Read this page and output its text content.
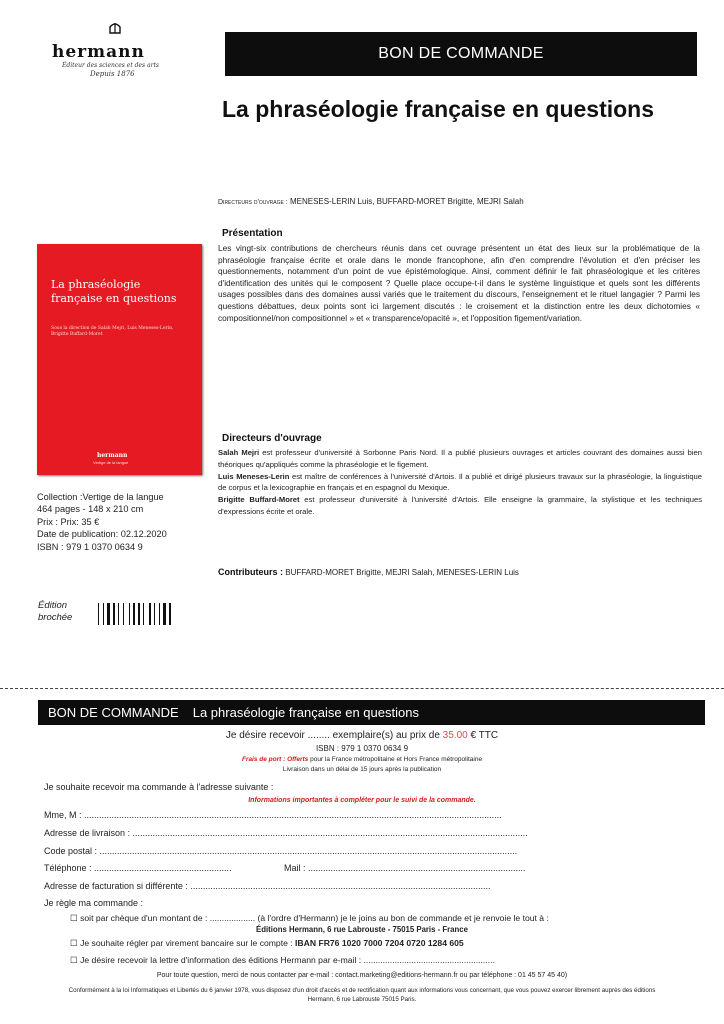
hermann
Éditeur des sciences et des arts
Depuis 1876
BON DE COMMANDE
La phraséologie française en questions
Directeurs d'ouvrage : MENESES-LERIN Luis, BUFFARD-MORET Brigitte, MEJRI Salah
Présentation
Les vingt-six contributions de chercheurs réunis dans cet ouvrage présentent un état des lieux sur la problématique de la phraséologie française écrite et orale dans le monde francophone, afin d'en comprendre l'évolution et d'en préciser les questionnements, notamment d'un point de vue épistémologique. Ainsi, comment définir le fait phraséologique et les critères d'identification des unités qui le composent ? Quelle place occupe-t-il dans le système linguistique et quels sont les différents usages possibles dans des domaines aussi variés que le traitement du discours, l'enseignement et le rituel langagier ? Parmi les questions débattues, deux points sont ici largement discutés : le croisement et la distinction entre les deux dichotomies « compositionnel/non compositionnel » et « transparence/opacité », et l'opposition figement/variation.
La phraséologie française en questions
Sous la direction de Salah Mejri, Luis Meneses-Lerin, Brigitte Buffard-Moret
hermann
Vertige de la langue
Directeurs d'ouvrage
Salah Mejri est professeur d'université à Sorbonne Paris Nord. Il a publié plusieurs ouvrages et articles couvrant des domaines aussi bien théoriques qu'appliqués comme la phraséologie et le figement.
Luis Meneses-Lerin est maître de conférences à l'université d'Artois. Il a publié et dirigé plusieurs travaux sur la phraséologie, la linguistique de corpus et la lexicographie en français et en espagnol du Mexique.
Brigitte Buffard-Moret est professeur d'université à l'université d'Artois. Elle enseigne la grammaire, la stylistique et les techniques d'expressions écrite et orale.
Collection :Vertige de la langue
464 pages - 148 x 210 cm
Prix : Prix: 35 €
Date de publication: 02.12.2020
ISBN : 979 1 0370 0634 9
Contributeurs : BUFFARD-MORET Brigitte, MEJRI Salah, MENESES-LERIN Luis
Édition
brochée
BON DE COMMANDE La phraséologie française en questions
Je désire recevoir ........ exemplaire(s) au prix de 35.00 € TTC
ISBN : 979 1 0370 0634 9
Frais de port : Offerts pour la France métropolitaine et Hors France métropolitaine
Livraison dans un délai de 15 jours après la publication
Je souhaite recevoir ma commande à l'adresse suivante :
Informations importantes à compléter pour le suivi de la commande.
Mme, M : .......................................................................................................................................................................
Adresse de livraison : ..............................................................................................................................................................
Code postal : .......................................................................................................................................................................
Téléphone : .......................................................	Mail : .......................................................................................
Adresse de facturation si différente : ........................................................................................................................
Je règle ma commande :
☐ soit par chèque d'un montant de : ................... (à l'ordre d'Hermann) je le joins au bon de commande et je renvoie le tout à :
Éditions Hermann, 6 rue Labrouste - 75015 Paris - France
☐ Je souhaite régler par virement bancaire sur le compte : IBAN FR76 1020 7000 7204 0720 1284 605
☐ Je désire recevoir la lettre d'information des éditions Hermann par e-mail : .......................................................
Pour toute question, merci de nous contacter par e-mail : contact.marketing@editions-hermann.fr ou par téléphone : 01 45 57 45 40)
Conformément à la loi Informatiques et Libertés du 6 janvier 1978, vous disposez d'un droit d'accès et de rectification quant aux informations vous concernant, que vous pouvez exercer librement auprès des éditions Hermann, 6 rue Labrouste 75015 Paris.
